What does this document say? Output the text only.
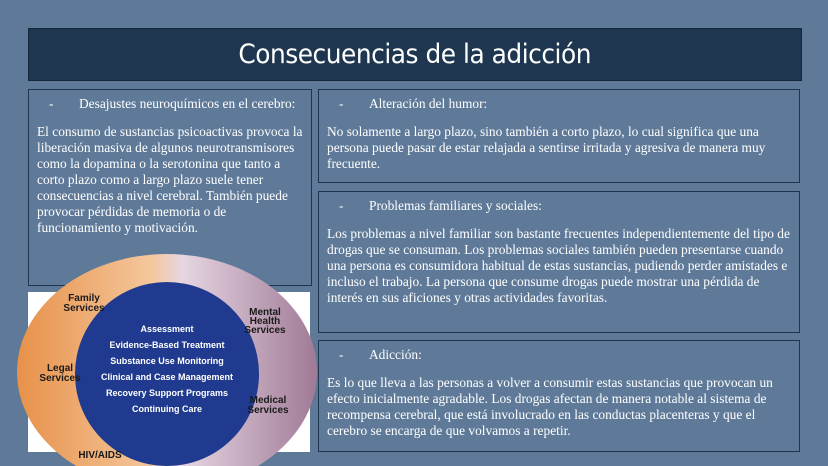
Consecuencias de la adicción
-	Desajustes neuroquímicos en el cerebro:

El consumo de sustancias psicoactivas provoca la liberación masiva de algunos neurotransmisores como la dopamina o la serotonina que tanto a corto plazo como a largo plazo suele tener consecuencias a nivel cerebral. También puede provocar pérdidas de memoria o de funcionamiento y motivación.

-	Alteración del humor:

No solamente a largo plazo, sino también a corto plazo, lo cual significa que una persona puede pasar de estar relajada a sentirse irritada y agresiva de manera muy frecuente.

-	Problemas familiares y sociales:

Los problemas a nivel familiar son bastante frecuentes independientemente del tipo de drogas que se consuman. Los problemas sociales también pueden presentarse cuando una persona es consumidora habitual de estas sustancias, pudiendo perder amistades e incluso el trabajo. La persona que consume drogas puede mostrar una pérdida de interés en sus aficiones y otras actividades favoritas.

-	Adicción:

Es lo que lleva a las personas a volver a consumir estas sustancias que provocan un efecto inicialmente agradable. Los drogas afectan de manera notable al sistema de recompensa cerebral, que está involucrado en las conductas placenteras y que el cerebro se encarga de que volvamos a repetir.

Family
Services
Legal
Services
Mental
Health
Services
Medical
Services
HIV/AIDS
Assessment
Evidence-Based Treatment
Substance Use Monitoring
Clinical and Case Management
Recovery Support Programs
Continuing Care
